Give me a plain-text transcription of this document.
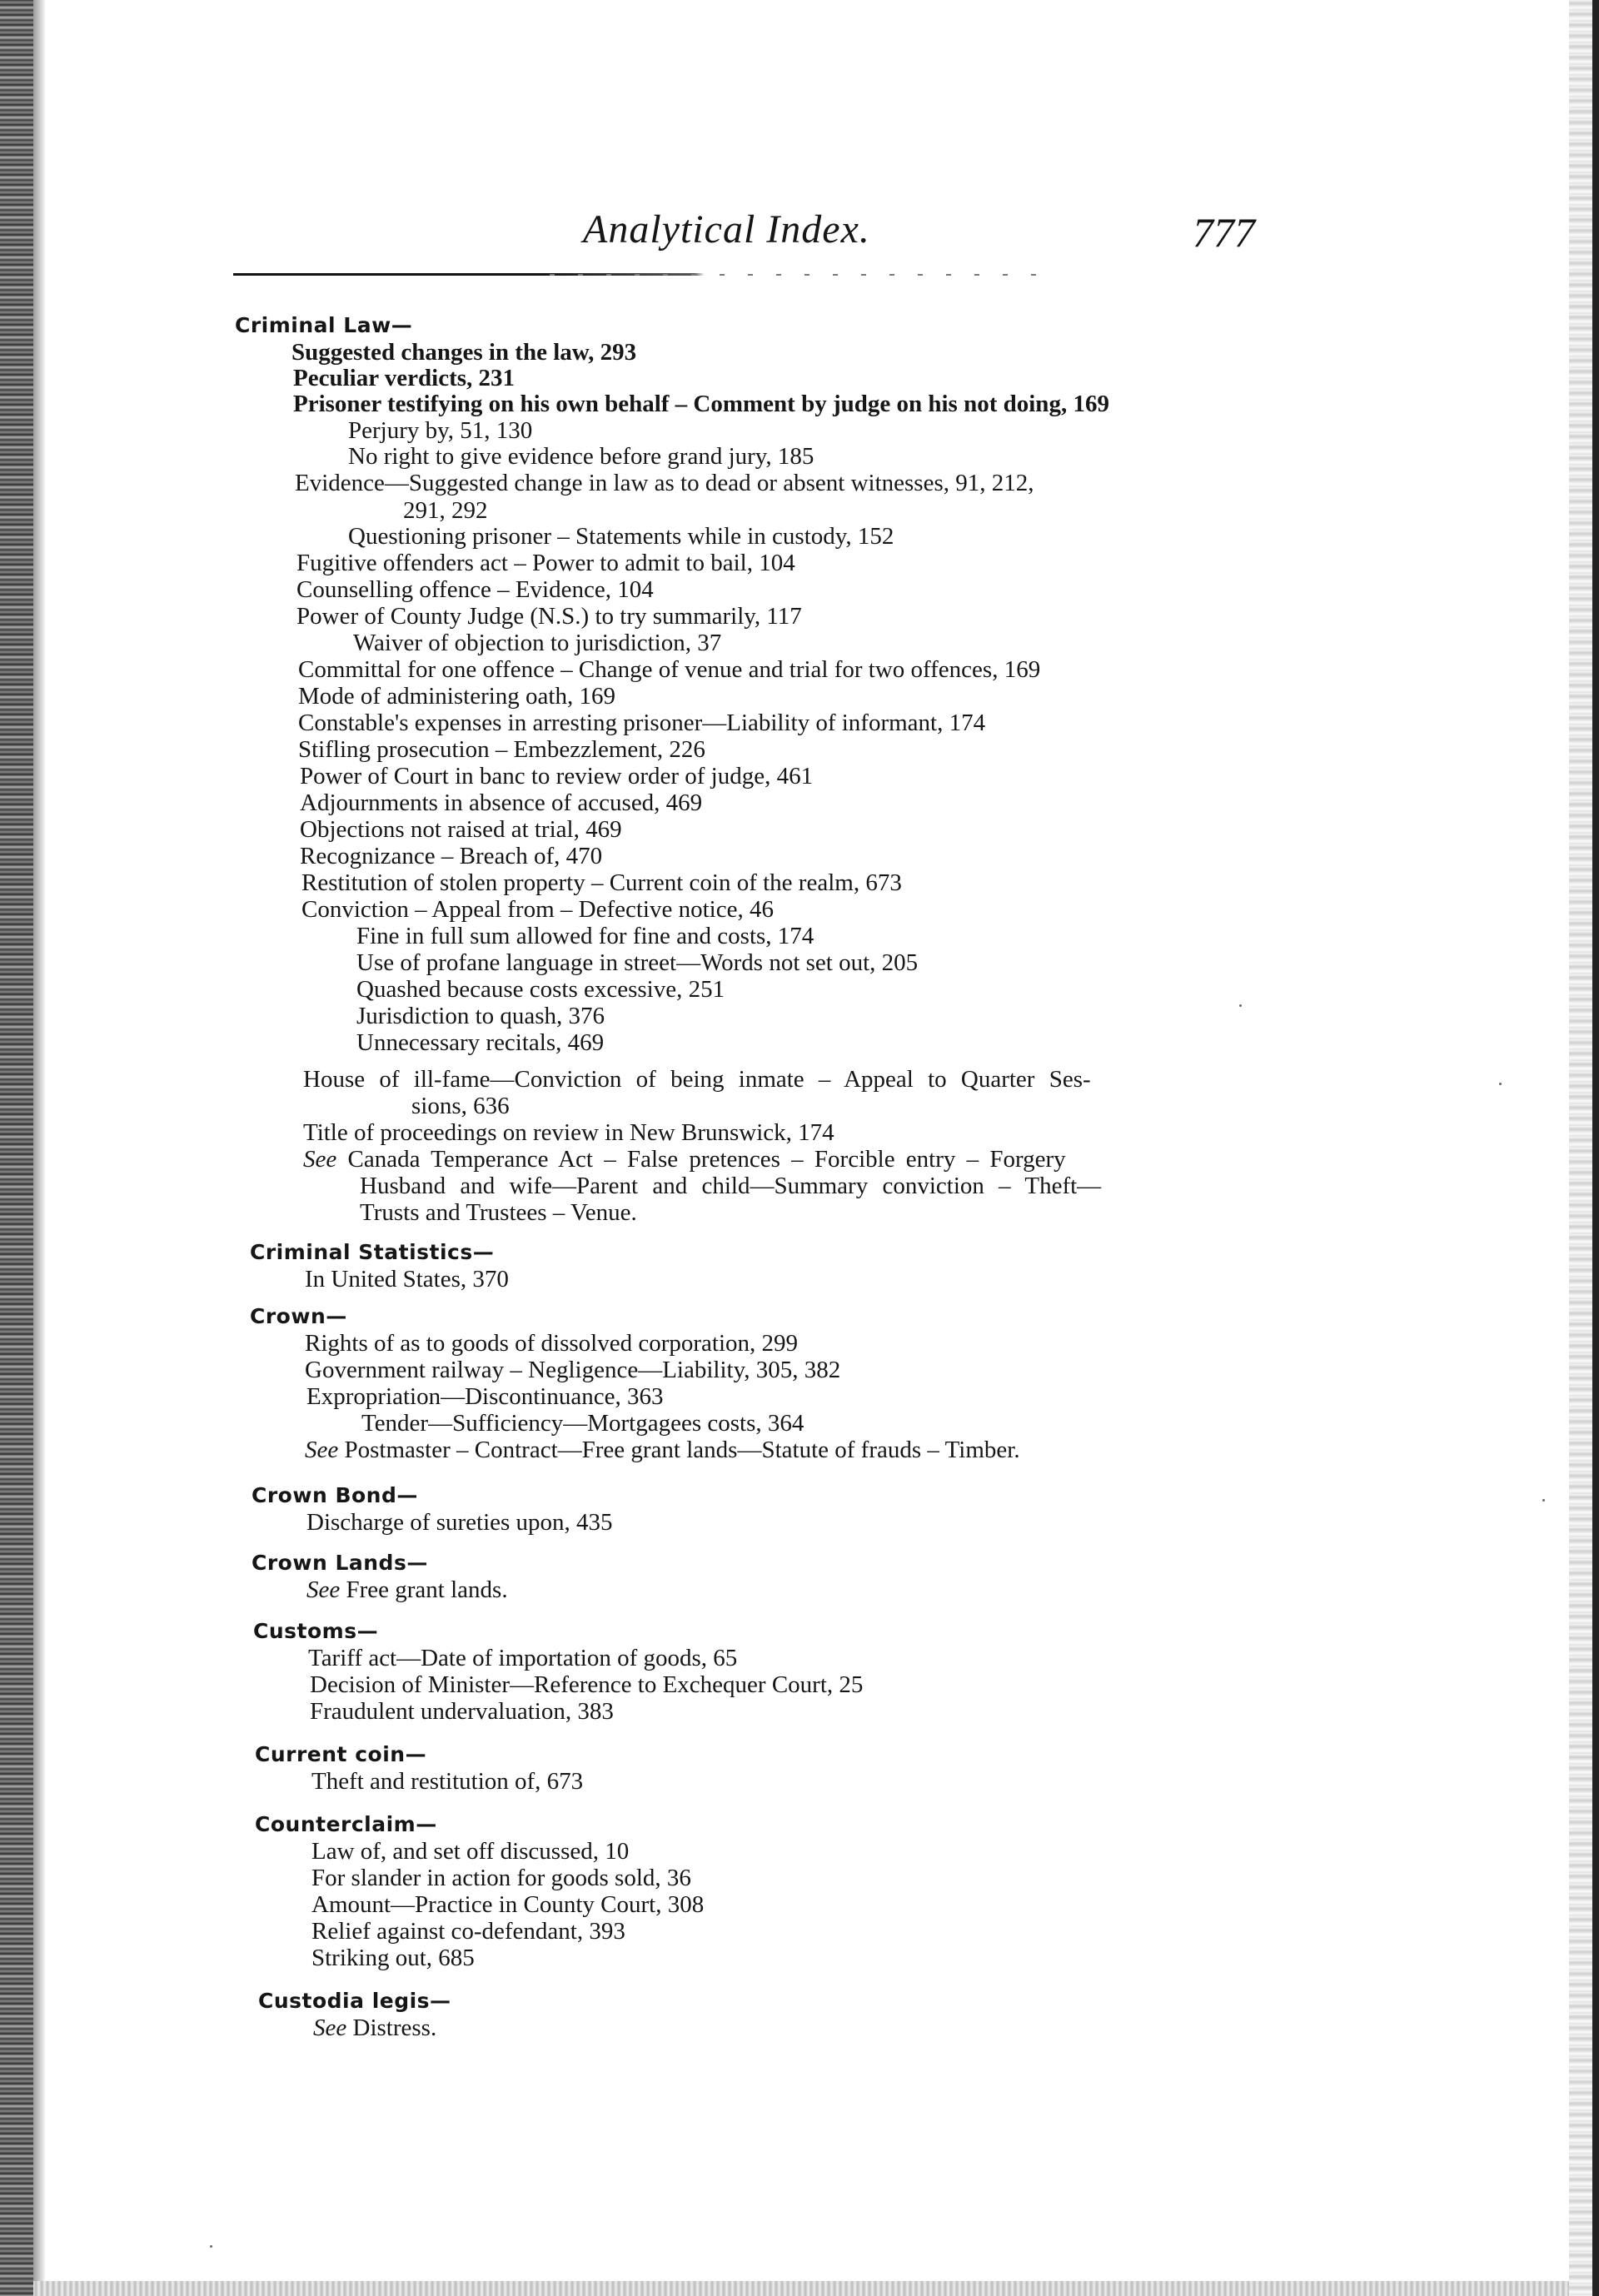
Analytical Index.	777
Criminal Law—
Suggested changes in the law, 293
Peculiar verdicts, 231
Prisoner testifying on his own behalf – Comment by judge on his not doing, 169
Perjury by, 51, 130
No right to give evidence before grand jury, 185
Evidence—Suggested change in law as to dead or absent witnesses, 91, 212,
291, 292
Questioning prisoner – Statements while in custody, 152
Fugitive offenders act – Power to admit to bail, 104
Counselling offence – Evidence, 104
Power of County Judge (N.S.) to try summarily, 117
Waiver of objection to jurisdiction, 37
Committal for one offence – Change of venue and trial for two offences, 169
Mode of administering oath, 169
Constable's expenses in arresting prisoner—Liability of informant, 174
Stifling prosecution – Embezzlement, 226
Power of Court in banc to review order of judge, 461
Adjournments in absence of accused, 469
Objections not raised at trial, 469
Recognizance – Breach of, 470
Restitution of stolen property – Current coin of the realm, 673
Conviction – Appeal from – Defective notice, 46
Fine in full sum allowed for fine and costs, 174
Use of profane language in street—Words not set out, 205
Quashed because costs excessive, 251
Jurisdiction to quash, 376
Unnecessary recitals, 469
House of ill-fame—Conviction of being inmate – Appeal to Quarter Ses-
sions, 636
Title of proceedings on review in New Brunswick, 174
See Canada Temperance Act – False pretences – Forcible entry – Forgery
Husband and wife—Parent and child—Summary conviction – Theft—
Trusts and Trustees – Venue.
Criminal Statistics—
In United States, 370
Crown—
Rights of as to goods of dissolved corporation, 299
Government railway – Negligence—Liability, 305, 382
Expropriation—Discontinuance, 363
Tender—Sufficiency—Mortgagees costs, 364
See Postmaster – Contract—Free grant lands—Statute of frauds – Timber.
Crown Bond—
Discharge of sureties upon, 435
Crown Lands—
See Free grant lands.
Customs—
Tariff act—Date of importation of goods, 65
Decision of Minister—Reference to Exchequer Court, 25
Fraudulent undervaluation, 383
Current coin—
Theft and restitution of, 673
Counterclaim—
Law of, and set off discussed, 10
For slander in action for goods sold, 36
Amount—Practice in County Court, 308
Relief against co-defendant, 393
Striking out, 685
Custodia legis—
See Distress.
